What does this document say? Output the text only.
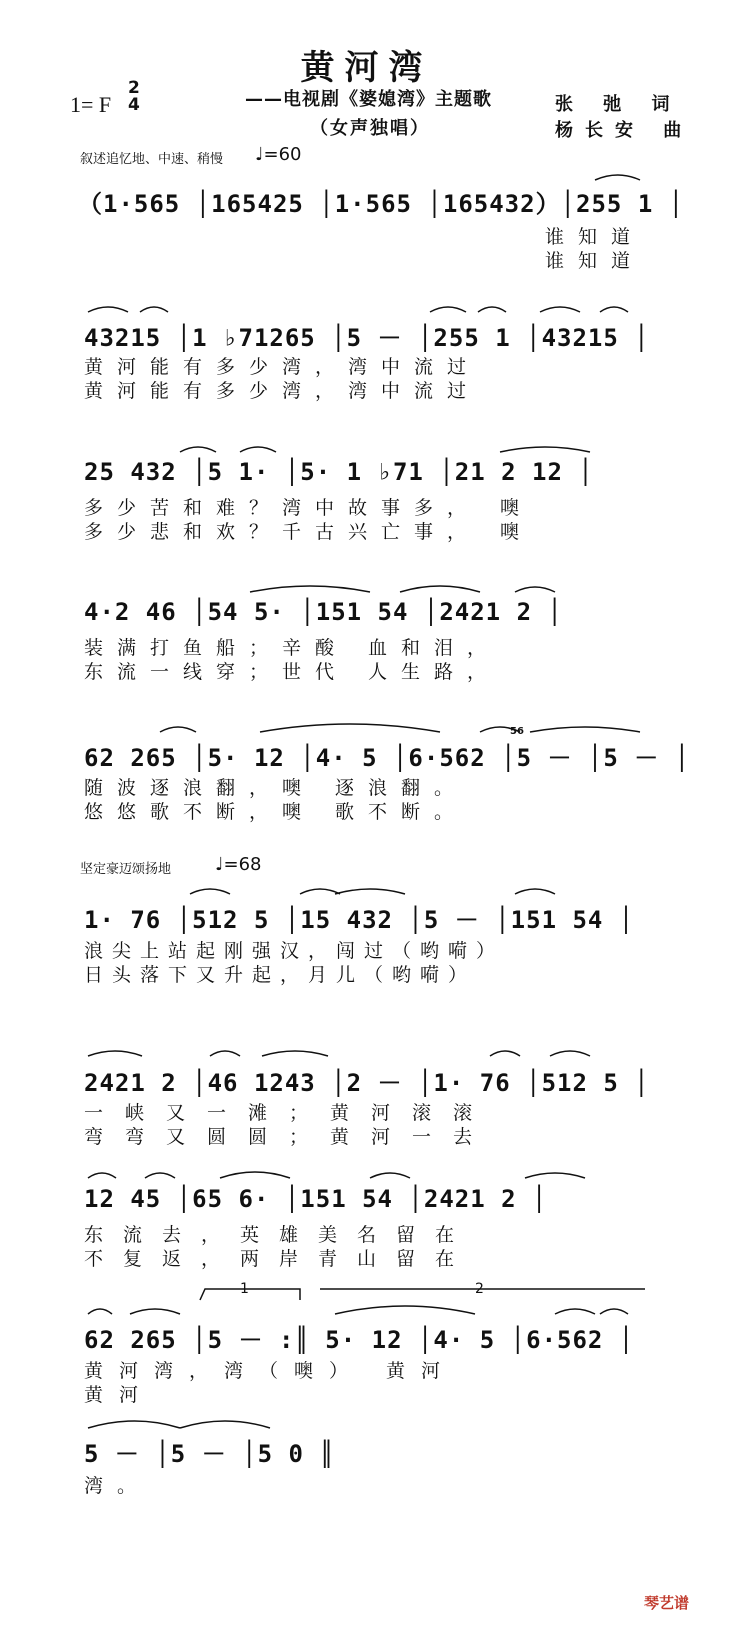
黄河湾
1= F
2
4	——电视剧《婆媳湾》主题歌
（女声独唱）
张 弛 词
杨长安 曲
叙述追忆地、中速、稍慢 ♩=60
坚定豪迈颂扬地 ♩=68
（1·565 │165425 │1·565 │165432）│255 1 │
谁知道
谁知道
43215 │1 ♭71265 │5 － │255 1 │43215 │
黄河能有多少湾，湾中流过
黄河能有多少湾，湾中流过
25 432 │5 1· │5· 1 ♭71 │21 2 12 │
多少苦和难？湾中故事多， 噢
多少悲和欢？千古兴亡事， 噢
4·2 46 │54 5· │151 54 │2421 2 │
装满打鱼船；辛酸 血和泪，
东流一线穿；世代 人生路，
62 265 │5· 12 │4· 5 │6·562 │5 － │5 － │
56
随波逐浪翻，噢 逐浪翻。
悠悠歌不断，噢 歌不断。
1· 76 │512 5 │15 432 │5 － │151 54 │
浪尖上站起刚强汉，闯过（哟嗬）
日头落下又升起，月儿（哟嗬）
2421 2 │46 1243 │2 － │1· 76 │512 5 │
一峡又一滩；黄河滚滚
弯弯又圆圆；黄河一去
12 45 │65 6· │151 54 │2421 2 │
东流去，英雄美名留在
不复返，两岸青山留在
1	2
62 265 │5 － :║ 5· 12 │4· 5 │6·562 │
黄河湾，湾（噢） 黄河
黄河
5 － │5 － │5 0 ║
湾。
琴艺谱
